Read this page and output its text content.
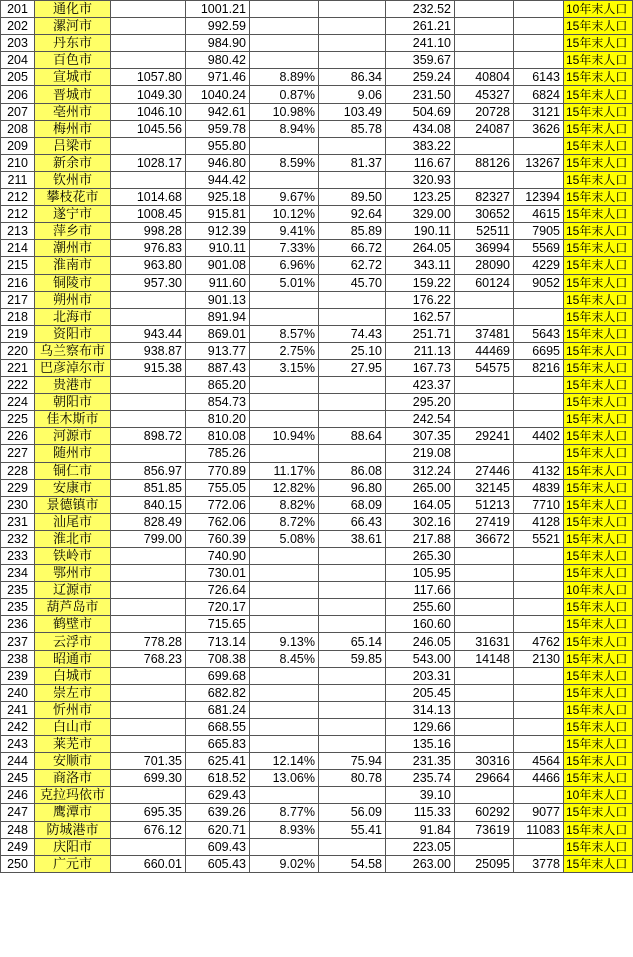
201	通化市		1001.21			232.52			10年末人口
202	漯河市		992.59			261.21			15年末人口
203	丹东市		984.90			241.10			15年末人口
204	百色市		980.42			359.67			15年末人口
205	宣城市	1057.80	971.46	8.89%	86.34	259.24	40804	6143	15年末人口
206	晋城市	1049.30	1040.24	0.87%	9.06	231.50	45327	6824	15年末人口
207	亳州市	1046.10	942.61	10.98%	103.49	504.69	20728	3121	15年末人口
208	梅州市	1045.56	959.78	8.94%	85.78	434.08	24087	3626	15年末人口
209	吕梁市		955.80			383.22			15年末人口
210	新余市	1028.17	946.80	8.59%	81.37	116.67	88126	13267	15年末人口
211	钦州市		944.42			320.93			15年末人口
212	攀枝花市	1014.68	925.18	9.67%	89.50	123.25	82327	12394	15年末人口
212	遂宁市	1008.45	915.81	10.12%	92.64	329.00	30652	4615	15年末人口
213	萍乡市	998.28	912.39	9.41%	85.89	190.11	52511	7905	15年末人口
214	潮州市	976.83	910.11	7.33%	66.72	264.05	36994	5569	15年末人口
215	淮南市	963.80	901.08	6.96%	62.72	343.11	28090	4229	15年末人口
216	铜陵市	957.30	911.60	5.01%	45.70	159.22	60124	9052	15年末人口
217	朔州市		901.13			176.22			15年末人口
218	北海市		891.94			162.57			15年末人口
219	资阳市	943.44	869.01	8.57%	74.43	251.71	37481	5643	15年末人口
220	乌兰察布市	938.87	913.77	2.75%	25.10	211.13	44469	6695	15年末人口
221	巴彦淖尔市	915.38	887.43	3.15%	27.95	167.73	54575	8216	15年末人口
222	贵港市		865.20			423.37			15年末人口
224	朝阳市		854.73			295.20			15年末人口
225	佳木斯市		810.20			242.54			15年末人口
226	河源市	898.72	810.08	10.94%	88.64	307.35	29241	4402	15年末人口
227	随州市		785.26			219.08			15年末人口
228	铜仁市	856.97	770.89	11.17%	86.08	312.24	27446	4132	15年末人口
229	安康市	851.85	755.05	12.82%	96.80	265.00	32145	4839	15年末人口
230	景德镇市	840.15	772.06	8.82%	68.09	164.05	51213	7710	15年末人口
231	汕尾市	828.49	762.06	8.72%	66.43	302.16	27419	4128	15年末人口
232	淮北市	799.00	760.39	5.08%	38.61	217.88	36672	5521	15年末人口
233	铁岭市		740.90			265.30			15年末人口
234	鄂州市		730.01			105.95			15年末人口
235	辽源市		726.64			117.66			10年末人口
235	葫芦岛市		720.17			255.60			15年末人口
236	鹤壁市		715.65			160.60			15年末人口
237	云浮市	778.28	713.14	9.13%	65.14	246.05	31631	4762	15年末人口
238	昭通市	768.23	708.38	8.45%	59.85	543.00	14148	2130	15年末人口
239	白城市		699.68			203.31			15年末人口
240	崇左市		682.82			205.45			15年末人口
241	忻州市		681.24			314.13			15年末人口
242	白山市		668.55			129.66			15年末人口
243	莱芜市		665.83			135.16			15年末人口
244	安顺市	701.35	625.41	12.14%	75.94	231.35	30316	4564	15年末人口
245	商洛市	699.30	618.52	13.06%	80.78	235.74	29664	4466	15年末人口
246	克拉玛依市		629.43			39.10			10年末人口
247	鹰潭市	695.35	639.26	8.77%	56.09	115.33	60292	9077	15年末人口
248	防城港市	676.12	620.71	8.93%	55.41	91.84	73619	11083	15年末人口
249	庆阳市		609.43			223.05			15年末人口
250	广元市	660.01	605.43	9.02%	54.58	263.00	25095	3778	15年末人口
